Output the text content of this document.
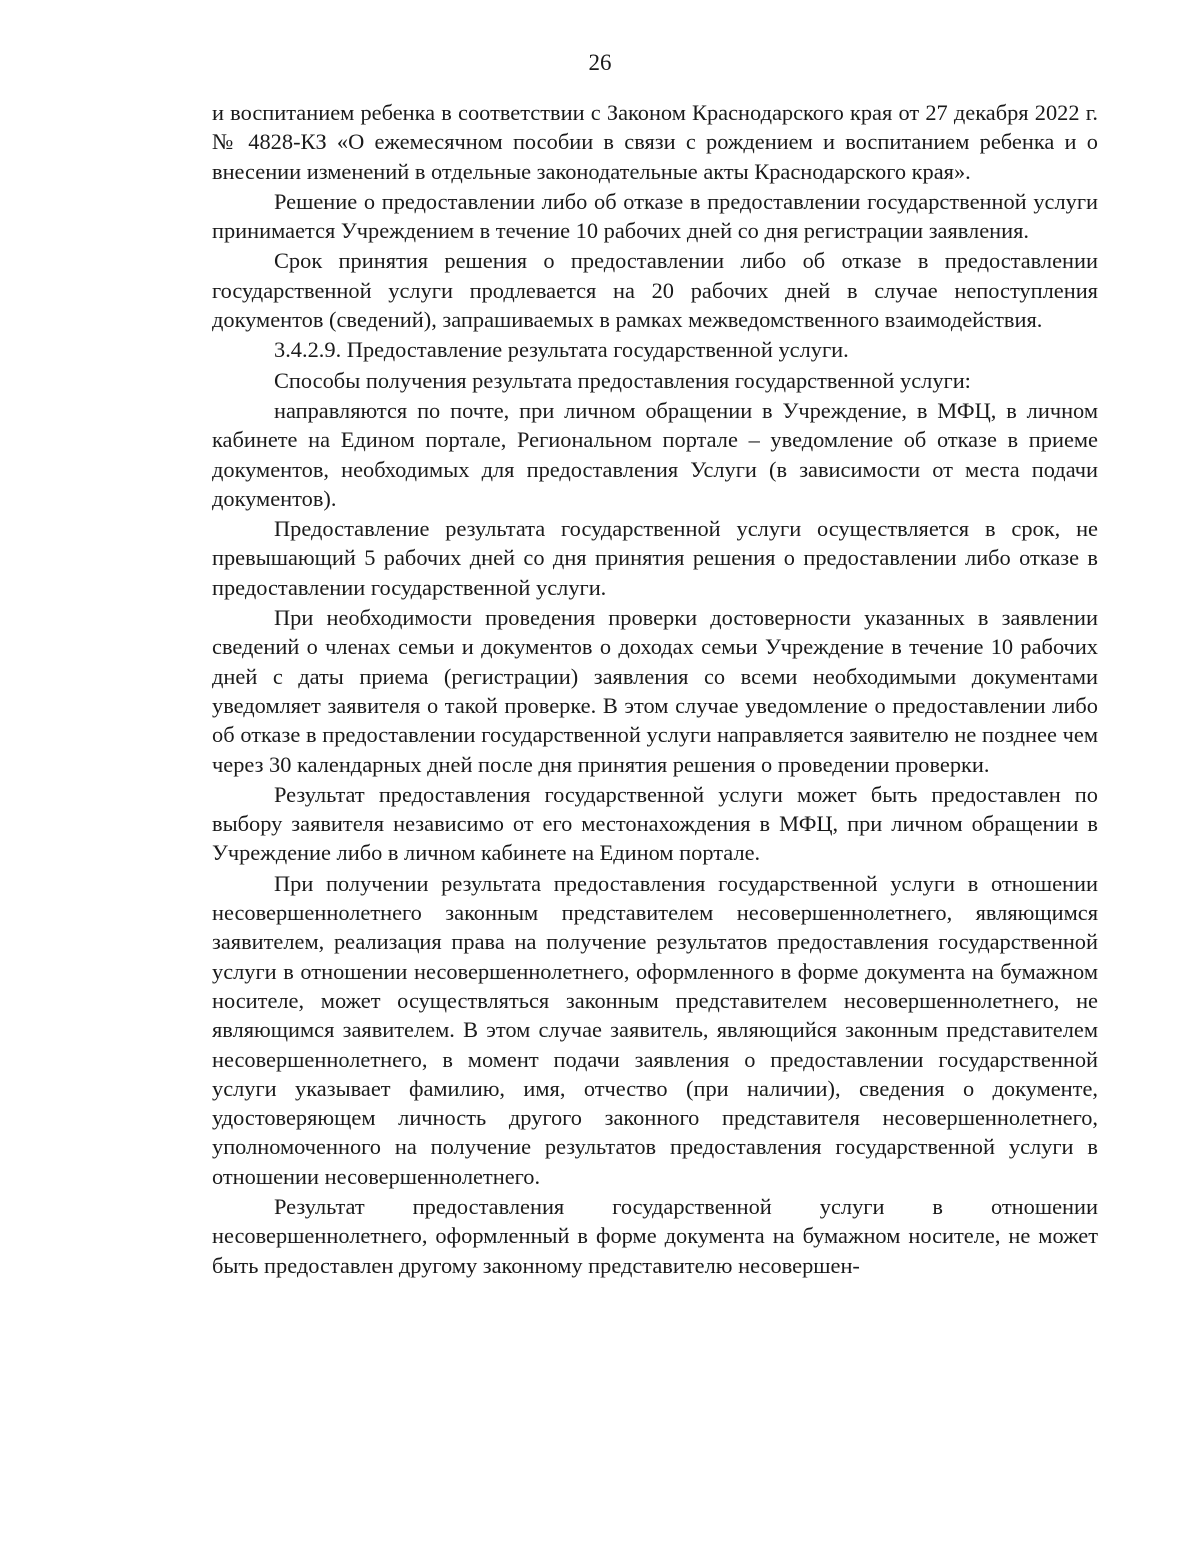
26

и воспитанием ребенка в соответствии с Законом Краснодарского края от 27 декабря 2022 г. № 4828-КЗ «О ежемесячном пособии в связи с рождением и воспитанием ребенка и о внесении изменений в отдельные законодательные акты Краснодарского края».

Решение о предоставлении либо об отказе в предоставлении государственной услуги принимается Учреждением в течение 10 рабочих дней со дня регистрации заявления.

Срок принятия решения о предоставлении либо об отказе в предоставлении государственной услуги продлевается на 20 рабочих дней в случае непоступления документов (сведений), запрашиваемых в рамках межведомственного взаимодействия.

3.4.2.9. Предоставление результата государственной услуги.

Способы получения результата предоставления государственной услуги:

направляются по почте, при личном обращении в Учреждение, в МФЦ, в личном кабинете на Едином портале, Региональном портале – уведомление об отказе в приеме документов, необходимых для предоставления Услуги (в зависимости от места подачи документов).

Предоставление результата государственной услуги осуществляется в срок, не превышающий 5 рабочих дней со дня принятия решения о предоставлении либо отказе в предоставлении государственной услуги.

При необходимости проведения проверки достоверности указанных в заявлении сведений о членах семьи и документов о доходах семьи Учреждение в течение 10 рабочих дней с даты приема (регистрации) заявления со всеми необходимыми документами уведомляет заявителя о такой проверке. В этом случае уведомление о предоставлении либо об отказе в предоставлении государственной услуги направляется заявителю не позднее чем через 30 календарных дней после дня принятия решения о проведении проверки.

Результат предоставления государственной услуги может быть предоставлен по выбору заявителя независимо от его местонахождения в МФЦ, при личном обращении в Учреждение либо в личном кабинете на Едином портале.

При получении результата предоставления государственной услуги в отношении несовершеннолетнего законным представителем несовершеннолетнего, являющимся заявителем, реализация права на получение результатов предоставления государственной услуги в отношении несовершеннолетнего, оформленного в форме документа на бумажном носителе, может осуществляться законным представителем несовершеннолетнего, не являющимся заявителем. В этом случае заявитель, являющийся законным представителем несовершеннолетнего, в момент подачи заявления о предоставлении государственной услуги указывает фамилию, имя, отчество (при наличии), сведения о документе, удостоверяющем личность другого законного представителя несовершеннолетнего, уполномоченного на получение результатов предоставления государственной услуги в отношении несовершеннолетнего.

Результат предоставления государственной услуги в отношении несовершеннолетнего, оформленный в форме документа на бумажном носителе, не может быть предоставлен другому законному представителю несовершен-
